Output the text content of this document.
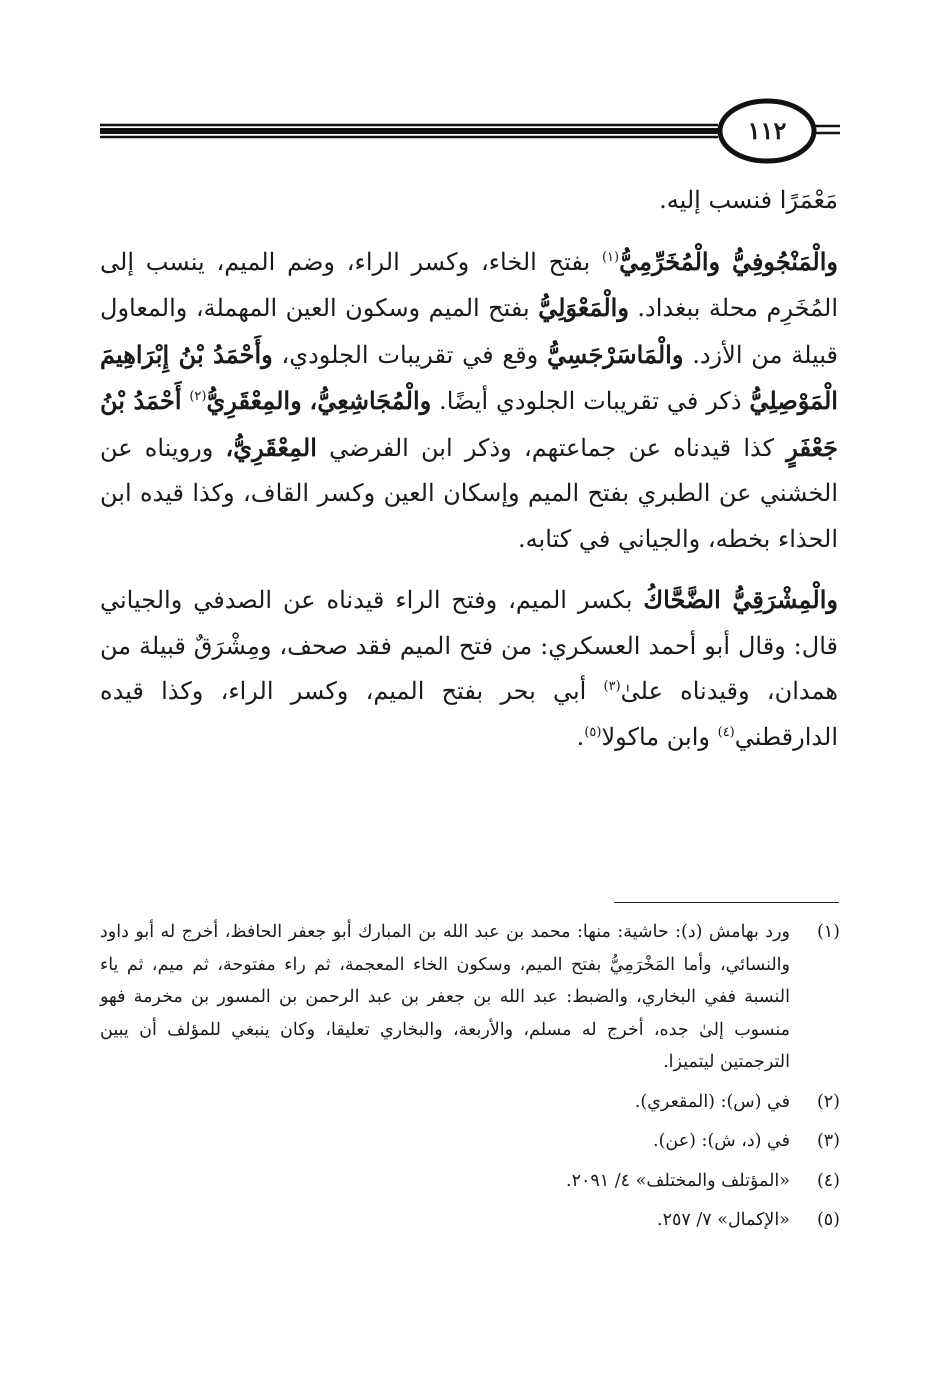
١١٢

مَعْمَرًا فنسب إليه.

والْمَنْجُوفِيُّ والْمُخَرِّمِيُّ$^{(١)}$ بفتح الخاء، وكسر الراء، وضم الميم، ينسب إلى المُخَرِم محلة ببغداد. والْمَعْوَلِيُّ بفتح الميم وسكون العين المهملة، والمعاول قبيلة من الأزد. والْمَاسَرْجَسِيُّ وقع في تقريبات الجلودي، وأَحْمَدُ بْنُ إِبْرَاهِيمَ الْمَوْصِلِيُّ ذكر في تقريبات الجلودي أيضًا. والْمُجَاشِعِيُّ، والمِعْقَرِيُّ$^{(٢)}$ أَحْمَدُ بْنُ جَعْفَرٍ كذا قيدناه عن جماعتهم، وذكر ابن الفرضي المِعْقَرِيُّ، ورويناه عن الخشني عن الطبري بفتح الميم وإسكان العين وكسر القاف، وكذا قيده ابن الحذاء بخطه، والجياني في كتابه.

والْمِشْرَقِيُّ الضَّحَّاكُ بكسر الميم، وفتح الراء قيدناه عن الصدفي والجياني قال: وقال أبو أحمد العسكري: من فتح الميم فقد صحف، ومِشْرَقٌ قبيلة من همدان، وقيدناه علىٰ$^{(٣)}$ أبي بحر بفتح الميم، وكسر الراء، وكذا قيده الدارقطني$^{(٤)}$ وابن ماكولا$^{(٥)}$.

(١)
ورد بهامش (د): حاشية: منها: محمد بن عبد الله بن المبارك أبو جعفر الحافظ، أخرج له أبو داود والنسائي، وأما المَخْرَمِيُّ بفتح الميم، وسكون الخاء المعجمة، ثم راء مفتوحة، ثم ميم، ثم ياء النسبة ففي البخاري، والضبط: عبد الله بن جعفر بن عبد الرحمن بن المسور بن مخرمة فهو منسوب إلىٰ جده، أخرج له مسلم، والأربعة، والبخاري تعليقا، وكان ينبغي للمؤلف أن يبين الترجمتين ليتميزا.
(٢)
في (س): (المقعري).
(٣)
في (د، ش): (عن).
(٤)
«المؤتلف والمختلف» ٤/ ٢٠٩١.
(٥)
«الإكمال» ٧/ ٢٥٧.
